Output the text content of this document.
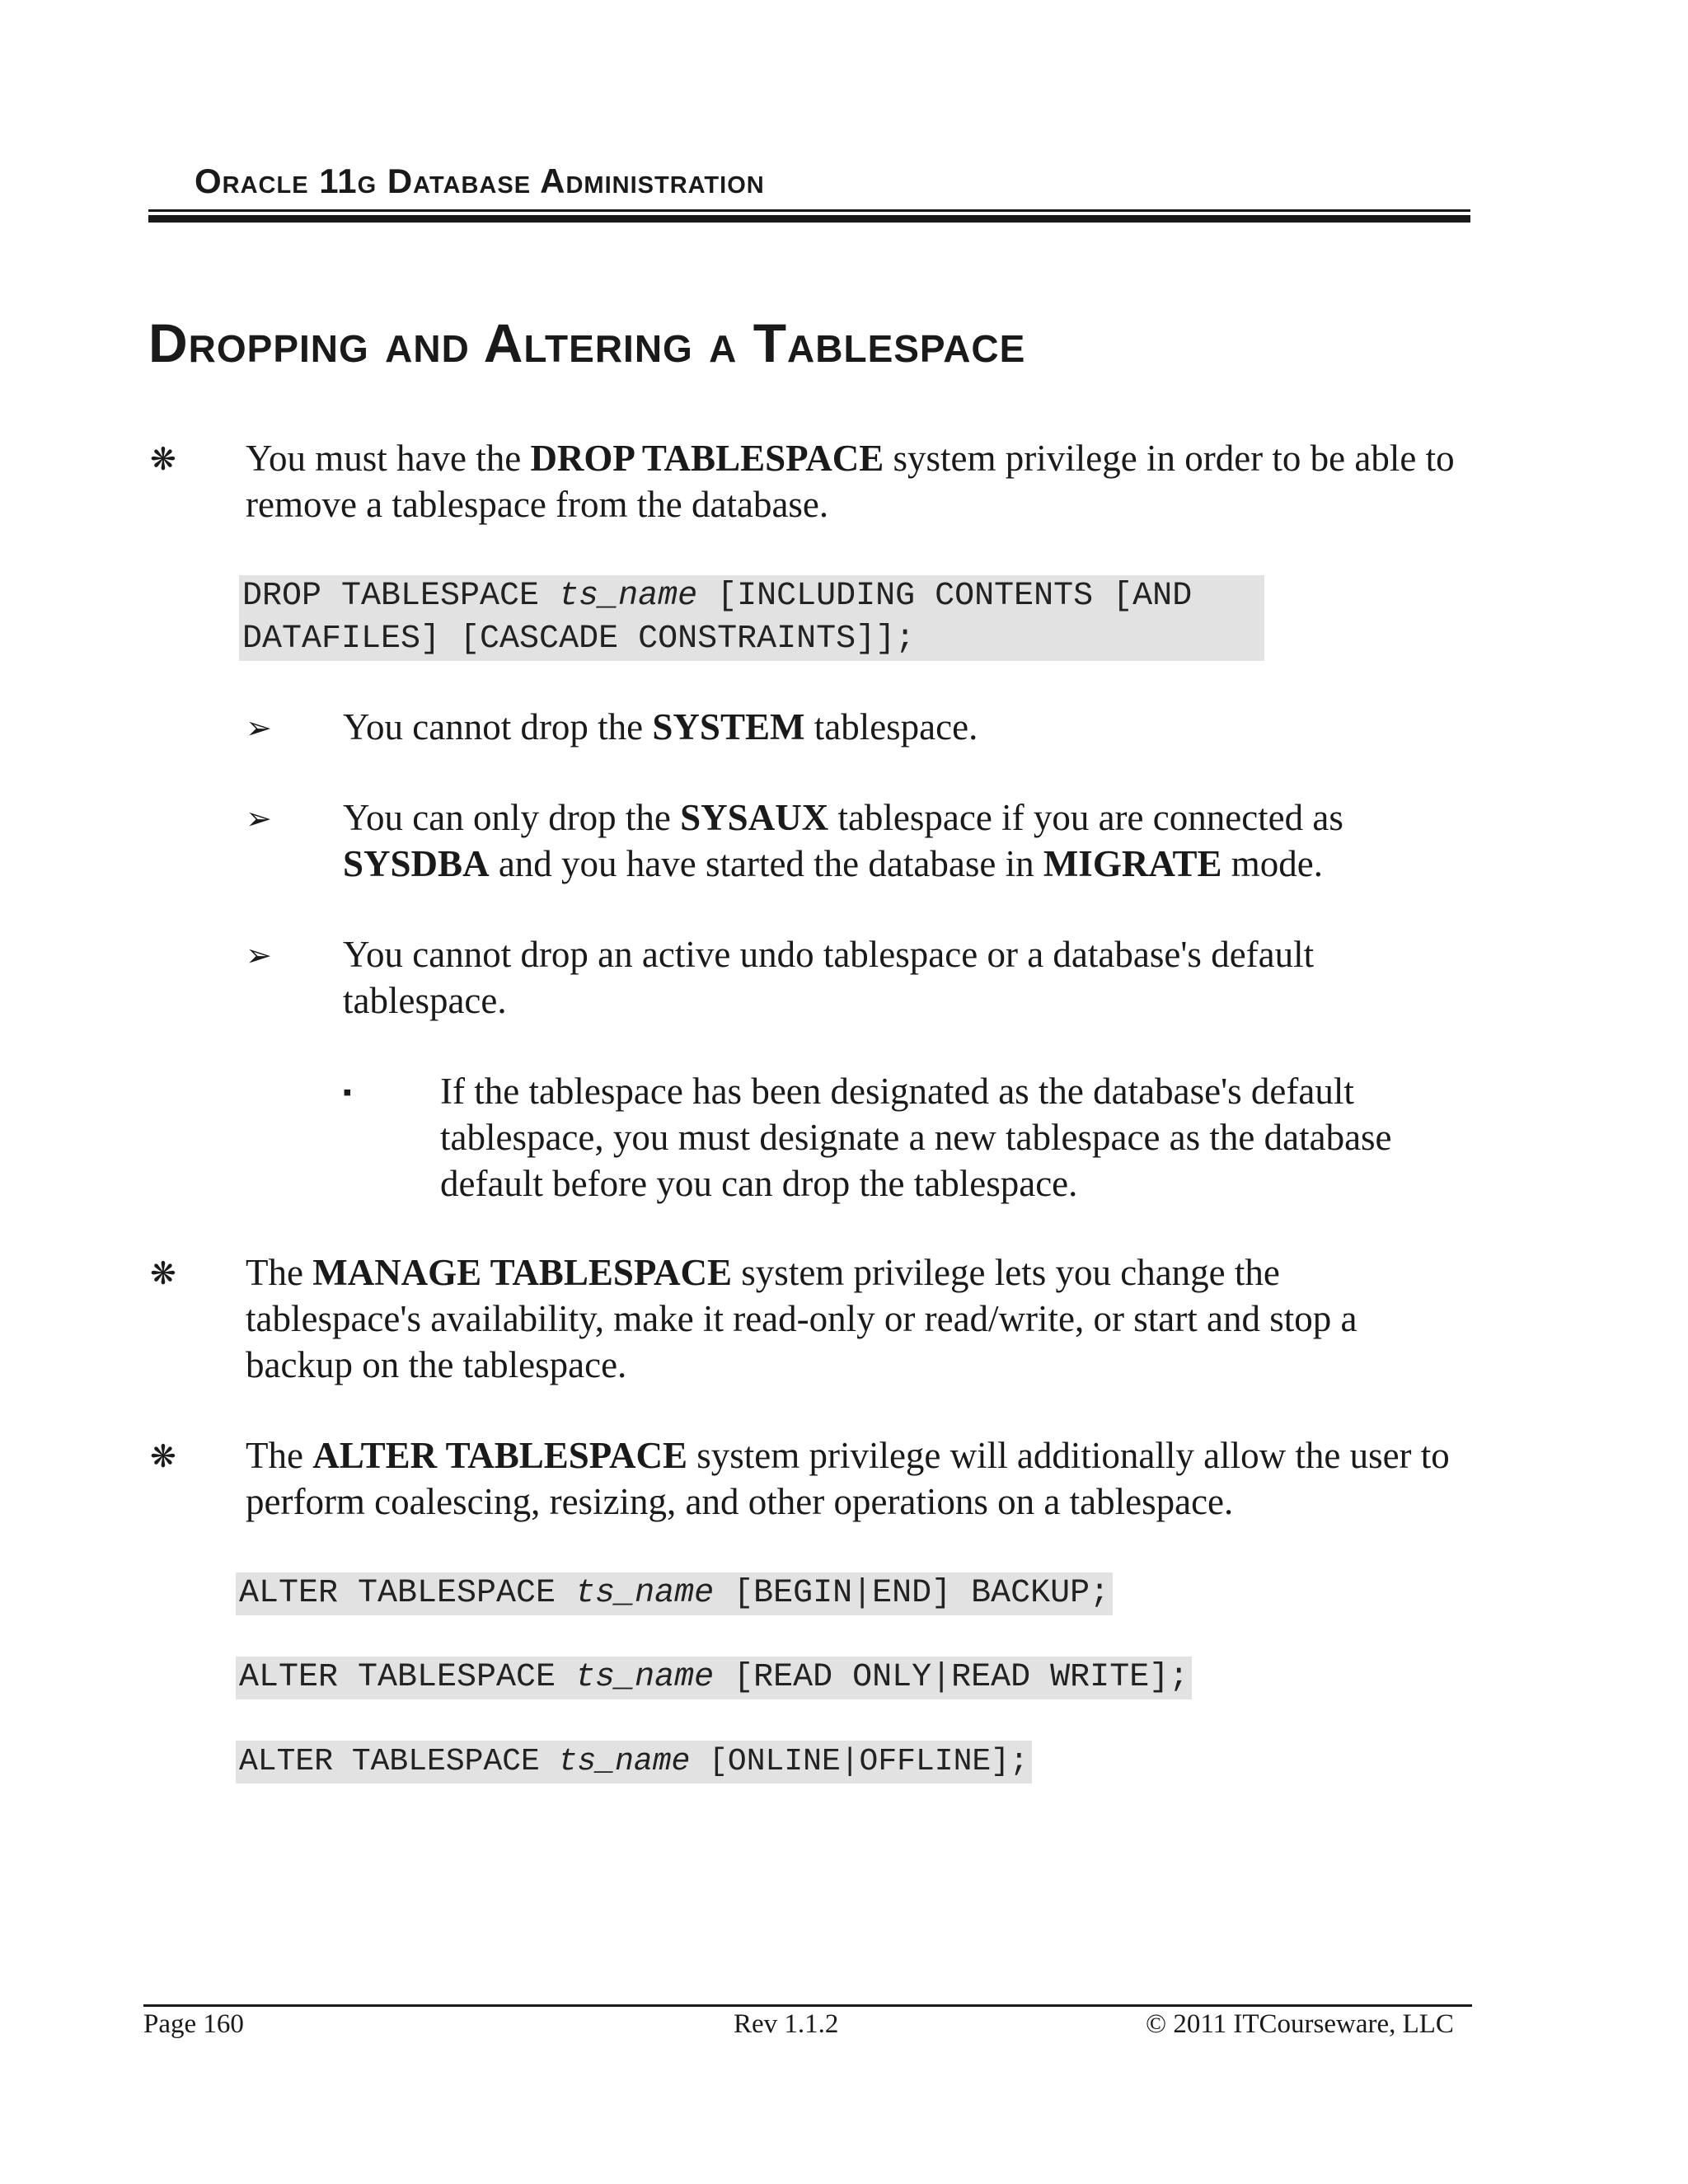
Oracle 11g Database Administration
Dropping and Altering a Tablespace
❋ You must have the DROP TABLESPACE system privilege in order to be able to remove a tablespace from the database.
DROP TABLESPACE ts_name [INCLUDING CONTENTS [AND
DATAFILES] [CASCADE CONSTRAINTS]];
➢ You cannot drop the SYSTEM tablespace.
➢ You can only drop the SYSAUX tablespace if you are connected as SYSDBA and you have started the database in MIGRATE mode.
➢ You cannot drop an active undo tablespace or a database's default tablespace.
▪ If the tablespace has been designated as the database's default tablespace, you must designate a new tablespace as the database default before you can drop the tablespace.
❋ The MANAGE TABLESPACE system privilege lets you change the tablespace's availability, make it read-only or read/write, or start and stop a backup on the tablespace.
❋ The ALTER TABLESPACE system privilege will additionally allow the user to perform coalescing, resizing, and other operations on a tablespace.
ALTER TABLESPACE ts_name [BEGIN|END] BACKUP;
ALTER TABLESPACE ts_name [READ ONLY|READ WRITE];
ALTER TABLESPACE ts_name [ONLINE|OFFLINE];
Page 160	Rev 1.1.2	© 2011 ITCourseware, LLC
